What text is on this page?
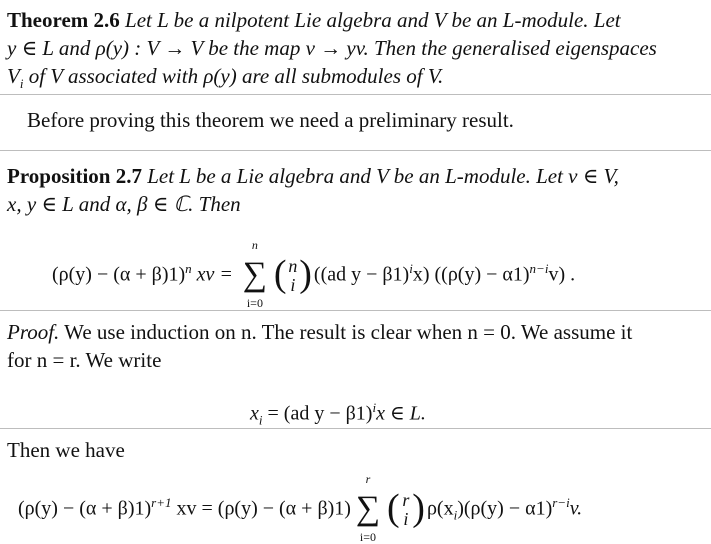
Theorem 2.6 Let L be a nilpotent Lie algebra and V be an L-module. Let
y ∈ L and ρ(y) : V → V be the map v → yv. Then the generalised eigenspaces
$V_i$ of V associated with ρ(y) are all submodules of V.
Before proving this theorem we need a preliminary result.
Proposition 2.7 Let L be a Lie algebra and V be an L-module. Let v ∈ V,
x, y ∈ L and α, β ∈ ℂ. Then
$(\rho(y) - (\alpha + \beta)1)^n$ xv =
n
∑
i=0
( n
i ) ((ad y − β1)$^i$x) $((\rho(y) - \alpha 1)^{n-i}v)$ .
Proof. We use induction on n. The result is clear when n = 0. We assume it
for n = r. We write
$x_i = (ad$ y − β1)$^i$x ∈ L.
Then we have
$(\rho(y) - (\alpha + \beta)1)^{r+1}$ xv = (ρ(y) − (α + β)1)
r
∑
i=0
( r
i ) $\rho(x_i)(\rho(y) - \alpha 1)^{r-i}v$.
